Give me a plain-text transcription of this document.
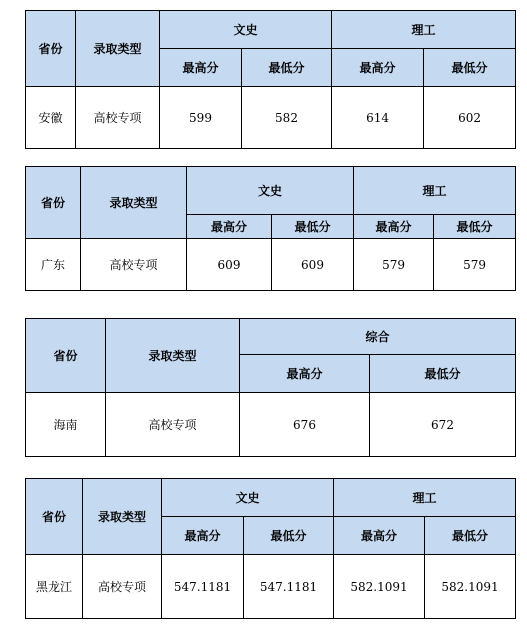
省份	录取类型	文史		理工	
		最高分	最低分	最高分	最低分
安徽	高校专项	599	582	614	602
省份	录取类型	文史		理工	
		最高分	最低分	最高分	最低分
广东	高校专项	609	609	579	579
省份	录取类型	综合	
		最高分	最低分
海南	高校专项	676	672
省份	录取类型	文史		理工	
		最高分	最低分	最高分	最低分
黑龙江	高校专项	547.1181	547.1181	582.1091	582.1091
